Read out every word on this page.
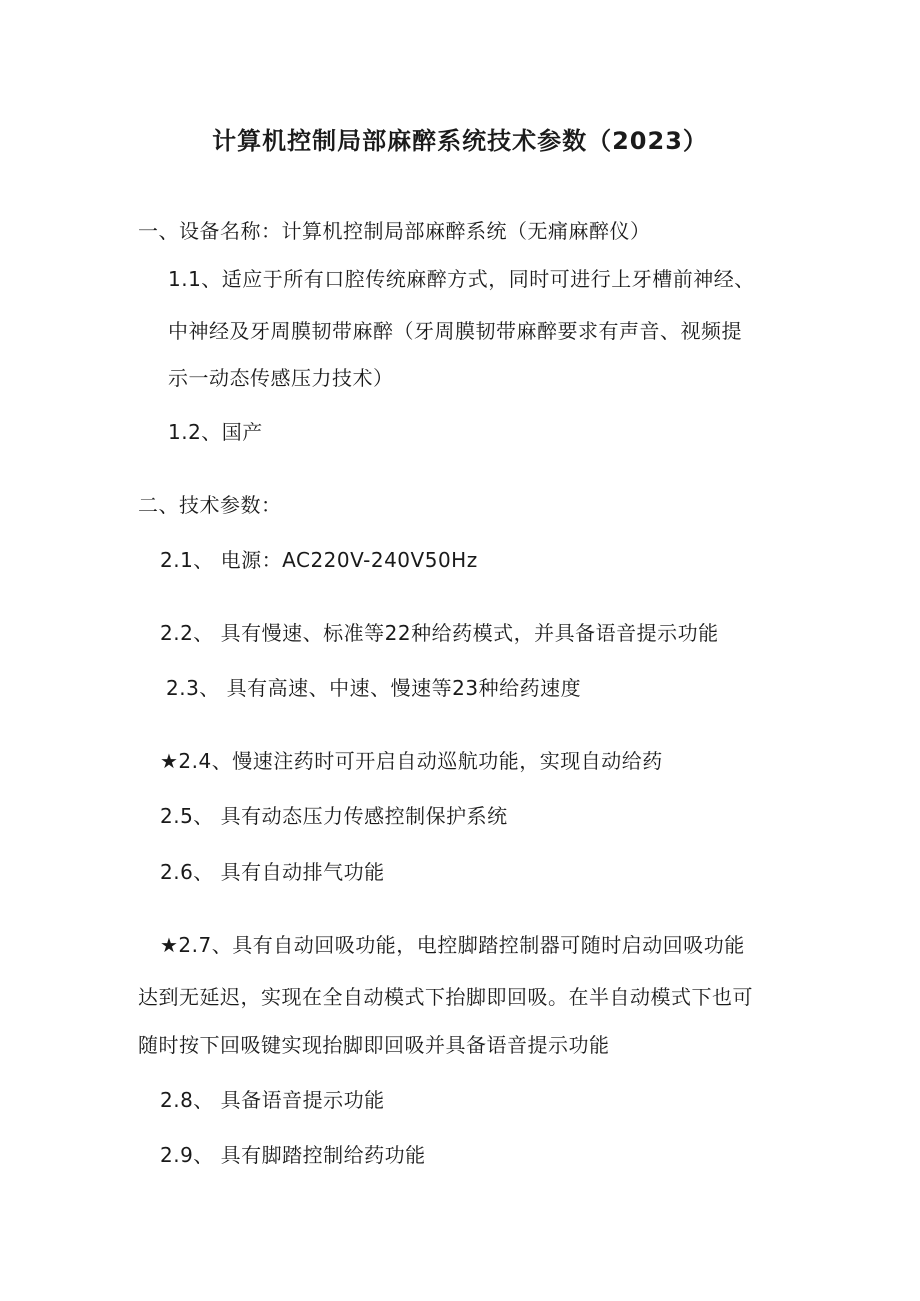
计算机控制局部麻醉系统技术参数（2023）

一、设备名称：计算机控制局部麻醉系统（无痛麻醉仪）

1.1、适应于所有口腔传统麻醉方式，同时可进行上牙槽前神经、

中神经及牙周膜韧带麻醉（牙周膜韧带麻醉要求有声音、视频提

示一动态传感压力技术）

1.2、国产

二、技术参数：

2.1、 电源：AC220V-240V50Hz

2.2、 具有慢速、标准等22种给药模式，并具备语音提示功能

2.3、 具有高速、中速、慢速等23种给药速度

★2.4、慢速注药时可开启自动巡航功能，实现自动给药

2.5、 具有动态压力传感控制保护系统

2.6、 具有自动排气功能

★2.7、具有自动回吸功能，电控脚踏控制器可随时启动回吸功能

达到无延迟，实现在全自动模式下抬脚即回吸。在半自动模式下也可

随时按下回吸键实现抬脚即回吸并具备语音提示功能

2.8、 具备语音提示功能

2.9、 具有脚踏控制给药功能
